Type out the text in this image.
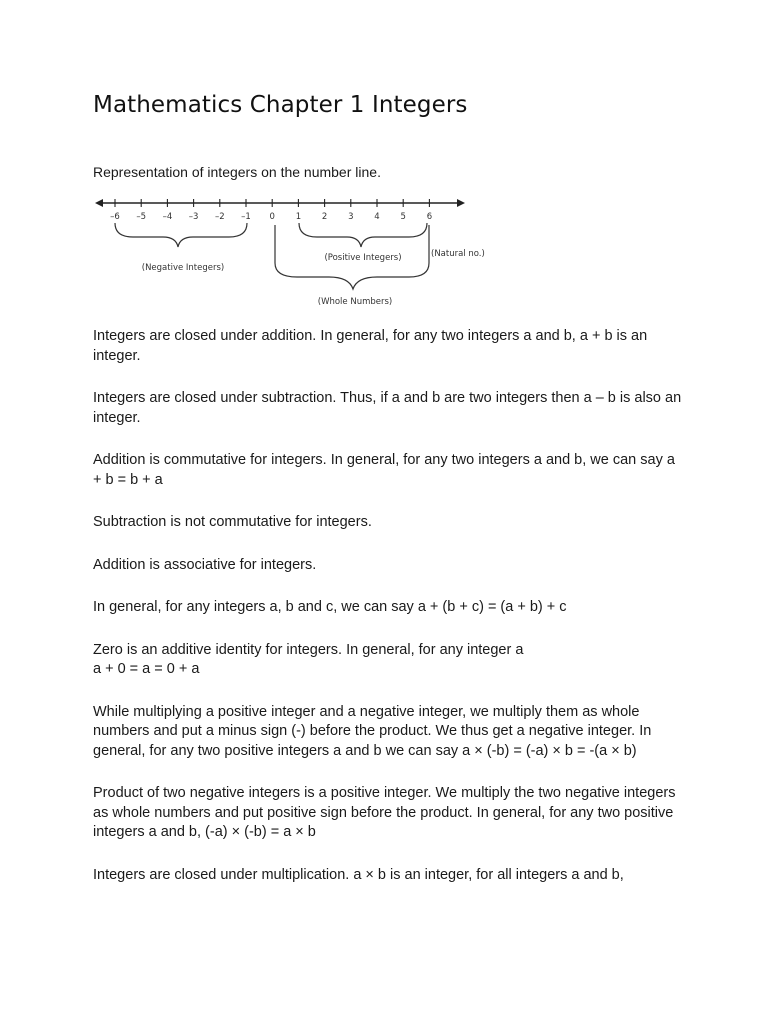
Mathematics Chapter 1 Integers

Representation of integers on the number line.

–6 –5 –4 –3 –2 –1 0 1 2 3 4 5 6
(Negative Integers)
(Positive Integers)	(Natural no.)
(Whole Numbers)

Integers are closed under addition. In general, for any two integers a and b, a + b is an integer.

Integers are closed under subtraction. Thus, if a and b are two integers then a – b is also an integer.

Addition is commutative for integers. In general, for any two integers a and b, we can say a + b = b + a

Subtraction is not commutative for integers.

Addition is associative for integers.

In general, for any integers a, b and c, we can say a + (b + c) = (a + b) + c

Zero is an additive identity for integers. In general, for any integer a
a + 0 = a = 0 + a

While multiplying a positive integer and a negative integer, we multiply them as whole numbers and put a minus sign (-) before the product. We thus get a negative integer. In general, for any two positive integers a and b we can say a × (-b) = (-a) × b = -(a × b)

Product of two negative integers is a positive integer. We multiply the two negative integers as whole numbers and put positive sign before the product. In general, for any two positive integers a and b, (-a) × (-b) = a × b

Integers are closed under multiplication. a × b is an integer, for all integers a and b,
